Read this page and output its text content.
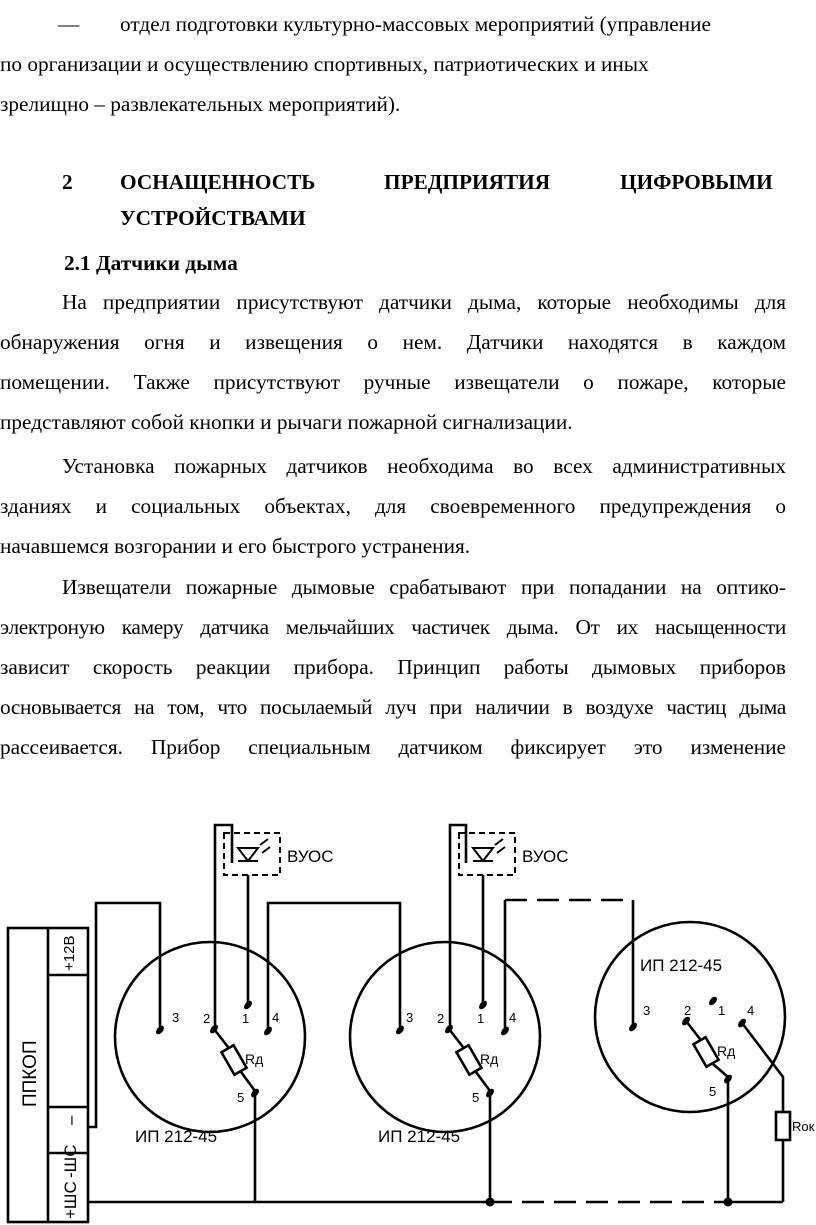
—	отдел подготовки культурно-массовых мероприятий (управление

по организации и осуществлению спортивных, патриотических и иных

зрелищно – развлекательных мероприятий).

2	ОСНАЩЕННОСТЬ	ПРЕДПРИЯТИЯ	ЦИФРОВЫМИ
УСТРОЙСТВАМИ
2.1 Датчики дыма

На предприятии присутствуют датчики дыма, которые необходимы для

обнаружения огня и извещения о нем. Датчики находятся в каждом

помещении. Также присутствуют ручные извещатели о пожаре, которые

представляют собой кнопки и рычаги пожарной сигнализации.

Установка пожарных датчиков необходима во всех административных

зданиях и социальных объектах, для своевременного предупреждения о

начавшемся возгорании и его быстрого устранения.

Извещатели пожарные дымовые срабатывают при попадании на оптико-

электроную камеру датчика мельчайших частичек дыма. От их насыщенности

зависит скорость реакции прибора. Принцип работы дымовых приборов

основывается на том, что посылаемый луч при наличии в воздухе частиц дыма

рассеивается. Прибор специальным датчиком фиксирует это изменение

ППКОП
+12В
–
-ШС
+ШС
ВУОС	ВУОС
ИП 212-45	ИП 212-45
ИП 212-45
3 2 1 4
5
3 2	1 4
5
3	2 1 4
5
Rд	Rд	Rд
Rок
